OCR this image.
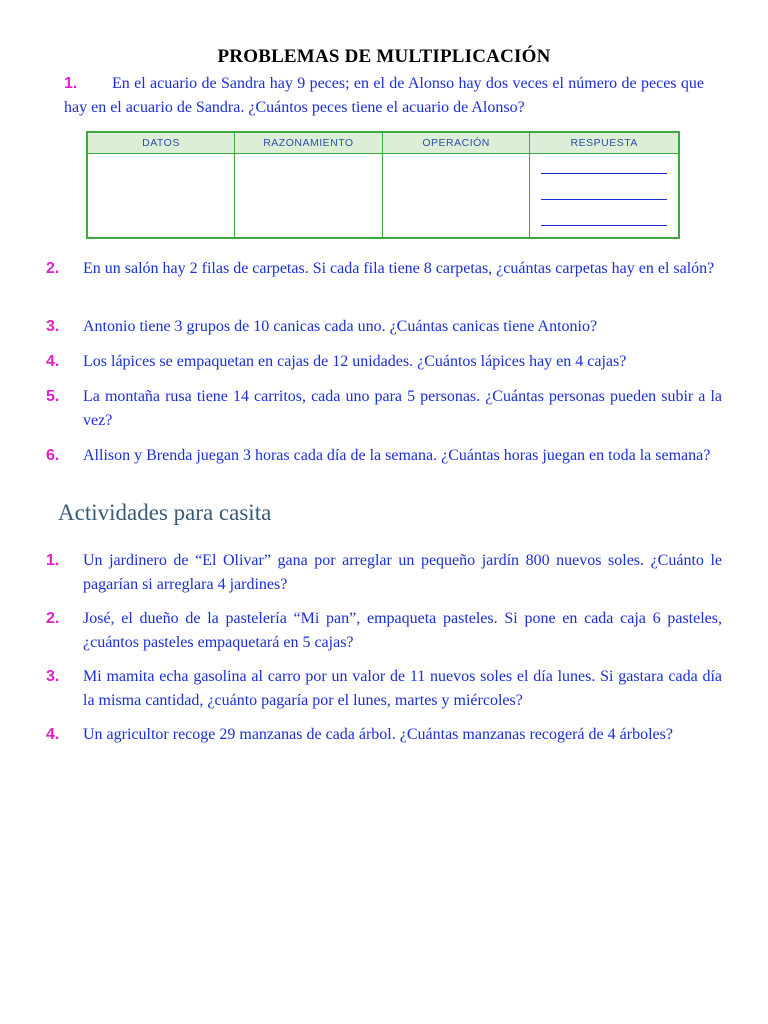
PROBLEMAS DE MULTIPLICACIÓN
1. En el acuario de Sandra hay 9 peces; en el de Alonso hay dos veces el número de peces que hay en el acuario de Sandra. ¿Cuántos peces tiene el acuario de Alonso?
DATOS	RAZONAMIENTO	OPERACIÓN	RESPUESTA

2. En un salón hay 2 filas de carpetas. Si cada fila tiene 8 carpetas, ¿cuántas carpetas hay en el salón?
3. Antonio tiene 3 grupos de 10 canicas cada uno. ¿Cuántas canicas tiene Antonio?
4. Los lápices se empaquetan en cajas de 12 unidades. ¿Cuántos lápices hay en 4 cajas?
5. La montaña rusa tiene 14 carritos, cada uno para 5 personas. ¿Cuántas personas pueden subir a la vez?
6. Allison y Brenda juegan 3 horas cada día de la semana. ¿Cuántas horas juegan en toda la semana?
Actividades para casita
1. Un jardinero de “El Olivar” gana por arreglar un pequeño jardín 800 nuevos soles. ¿Cuánto le pagarían si arreglara 4 jardines?
2. José, el dueño de la pastelería “Mi pan”, empaqueta pasteles. Si pone en cada caja 6 pasteles, ¿cuántos pasteles empaquetará en 5 cajas?
3. Mi mamita echa gasolina al carro por un valor de 11 nuevos soles el día lunes. Si gastara cada día la misma cantidad, ¿cuánto pagaría por el lunes, martes y miércoles?
4. Un agricultor recoge 29 manzanas de cada árbol. ¿Cuántas manzanas recogerá de 4 árboles?
